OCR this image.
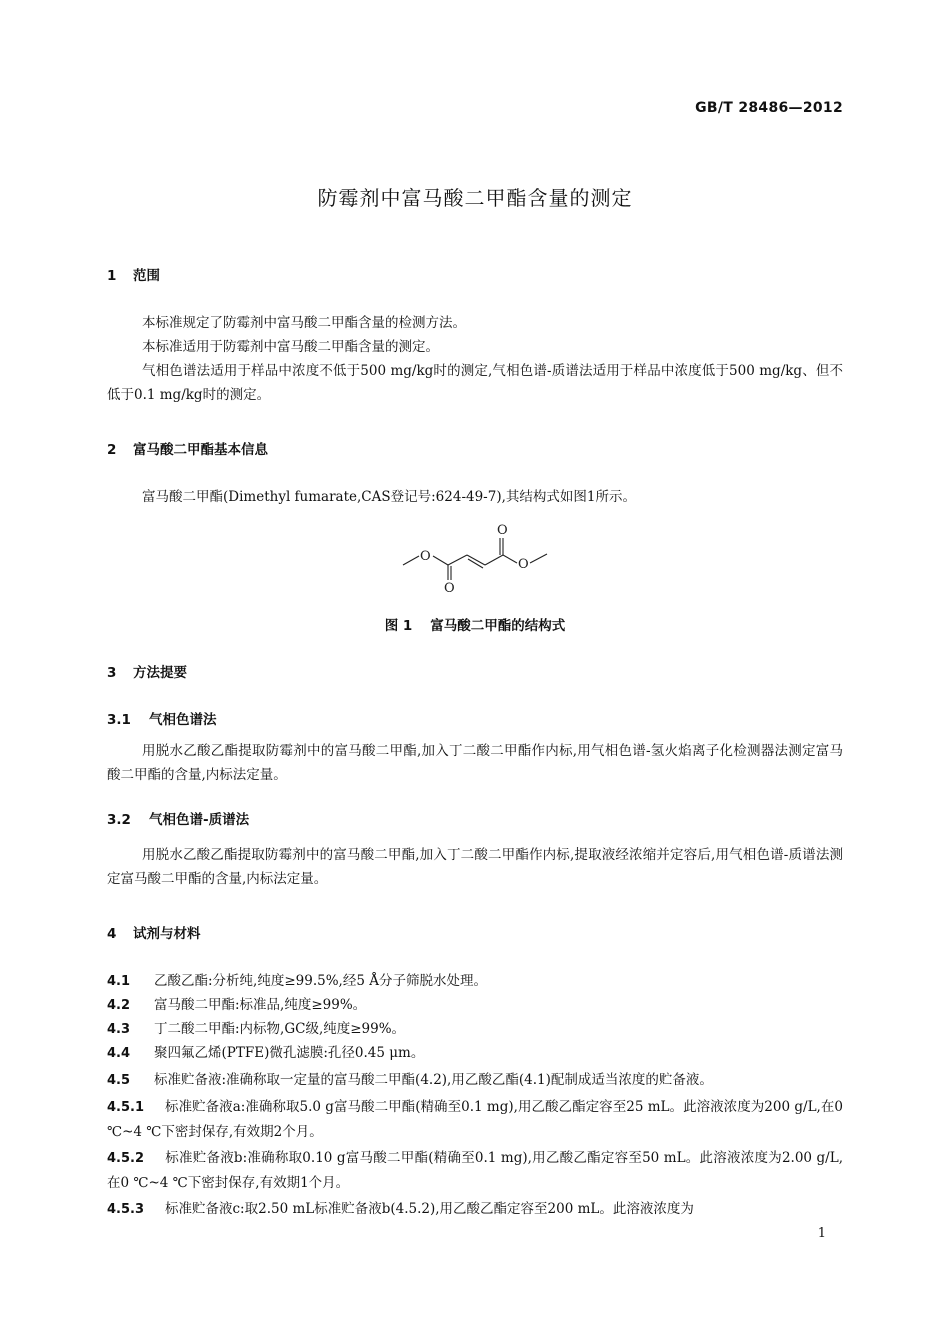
GB/T 28486—2012
防霉剂中富马酸二甲酯含量的测定
1 范围
本标准规定了防霉剂中富马酸二甲酯含量的检测方法。
本标准适用于防霉剂中富马酸二甲酯含量的测定。
气相色谱法适用于样品中浓度不低于500 mg/kg时的测定,气相色谱-质谱法适用于样品中浓度低于500 mg/kg、但不低于0.1 mg/kg时的测定。
2 富马酸二甲酯基本信息
富马酸二甲酯(Dimethyl fumarate,CAS登记号:624-49-7),其结构式如图1所示。
O
O
O
O
图 1 富马酸二甲酯的结构式
3 方法提要
3.1 气相色谱法
用脱水乙酸乙酯提取防霉剂中的富马酸二甲酯,加入丁二酸二甲酯作内标,用气相色谱-氢火焰离子化检测器法测定富马酸二甲酯的含量,内标法定量。
3.2 气相色谱-质谱法
用脱水乙酸乙酯提取防霉剂中的富马酸二甲酯,加入丁二酸二甲酯作内标,提取液经浓缩并定容后,用气相色谱-质谱法测定富马酸二甲酯的含量,内标法定量。
4 试剂与材料
4.1 乙酸乙酯:分析纯,纯度≥99.5%,经5 Å分子筛脱水处理。
4.2 富马酸二甲酯:标准品,纯度≥99%。
4.3 丁二酸二甲酯:内标物,GC级,纯度≥99%。
4.4 聚四氟乙烯(PTFE)微孔滤膜:孔径0.45 μm。
4.5 标准贮备液:准确称取一定量的富马酸二甲酯(4.2),用乙酸乙酯(4.1)配制成适当浓度的贮备液。
4.5.1 标准贮备液a:准确称取5.0 g富马酸二甲酯(精确至0.1 mg),用乙酸乙酯定容至25 mL。此溶液浓度为200 g/L,在0 ℃~4 ℃下密封保存,有效期2个月。
4.5.2 标准贮备液b:准确称取0.10 g富马酸二甲酯(精确至0.1 mg),用乙酸乙酯定容至50 mL。此溶液浓度为2.00 g/L,在0 ℃~4 ℃下密封保存,有效期1个月。
4.5.3 标准贮备液c:取2.50 mL标准贮备液b(4.5.2),用乙酸乙酯定容至200 mL。此溶液浓度为
1
